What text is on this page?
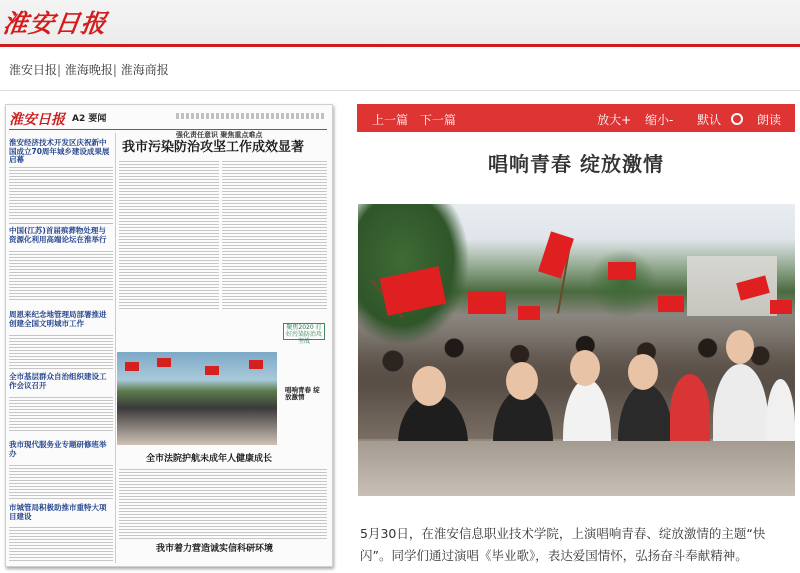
淮安日报
淮安日报| 淮海晚报| 淮海商报
淮安日报 A2 要闻
强化责任意识 聚焦重点难点
我市污染防治攻坚工作成效显著
淮安经济技术开发区庆祝新中国成立70周年城乡建设成果展启幕
中国(江苏)首届殡葬物处理与资源化利用高端论坛在淮举行
周恩来纪念地管理局部署推进创建全国文明城市工作
全市基层群众自治组织建设工作会议召开
我市现代服务业专题研修班举办
市城管局积极助推市重特大项目建设
聚焦2020 打好污染防治攻坚战
唱响青春 绽放激情
全市法院护航未成年人健康成长
我市着力营造诚实信科研环境
上一篇 下一篇	放大+ 缩小- 默认	朗读
唱响青春 绽放激情
5月30日，在淮安信息职业技术学院，上演唱响青春、绽放激情的主题“快闪”。同学们通过演唱《毕业歌》，表达爱国情怀，弘扬奋斗奉献精神。
